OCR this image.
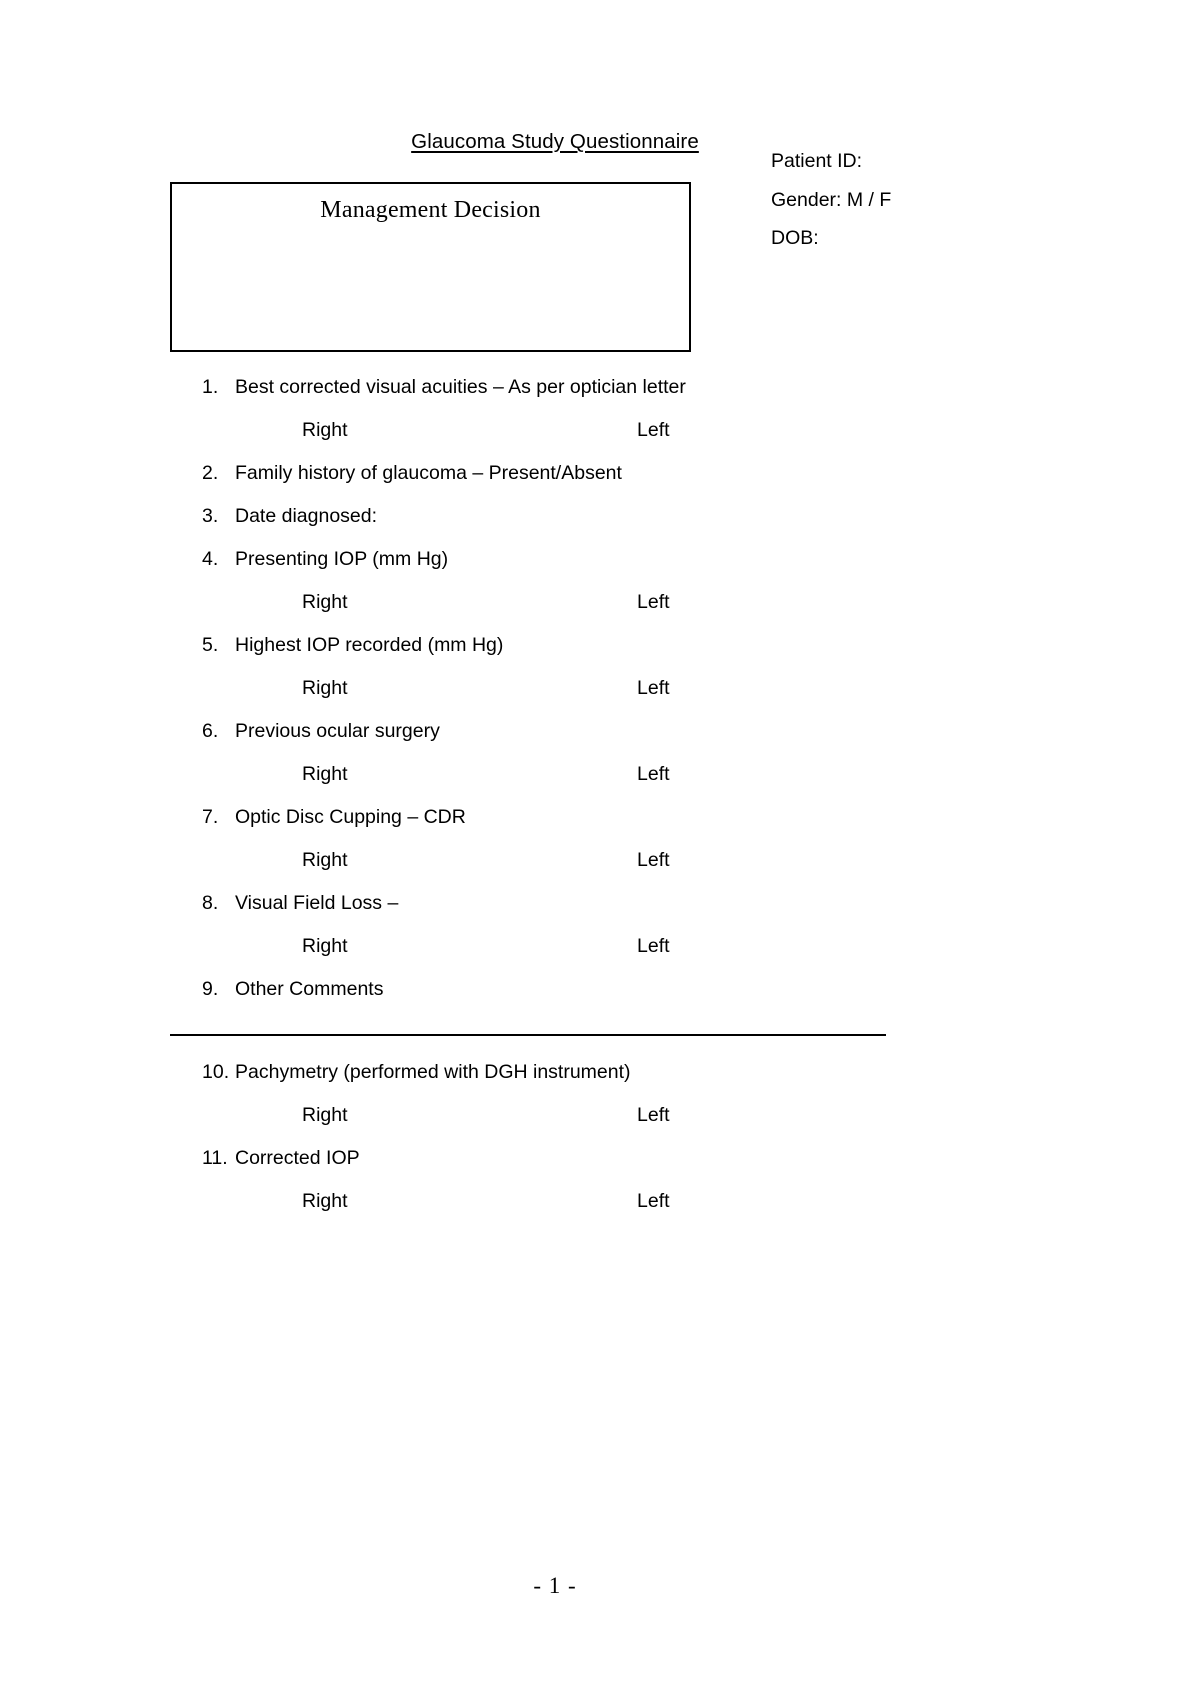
Glaucoma Study Questionnaire
Patient ID:
Gender: M / F
DOB:
Management Decision
1. Best corrected visual acuities – As per optician letter
Right	Left
2. Family history of glaucoma – Present/Absent
3. Date diagnosed:
4. Presenting IOP (mm Hg)
Right	Left
5. Highest IOP recorded (mm Hg)
Right	Left
6. Previous ocular surgery
Right	Left
7. Optic Disc Cupping – CDR
Right	Left
8. Visual Field Loss –
Right	Left
9. Other Comments
10. Pachymetry (performed with DGH instrument)
Right	Left
11. Corrected IOP
Right	Left
- 1 -
